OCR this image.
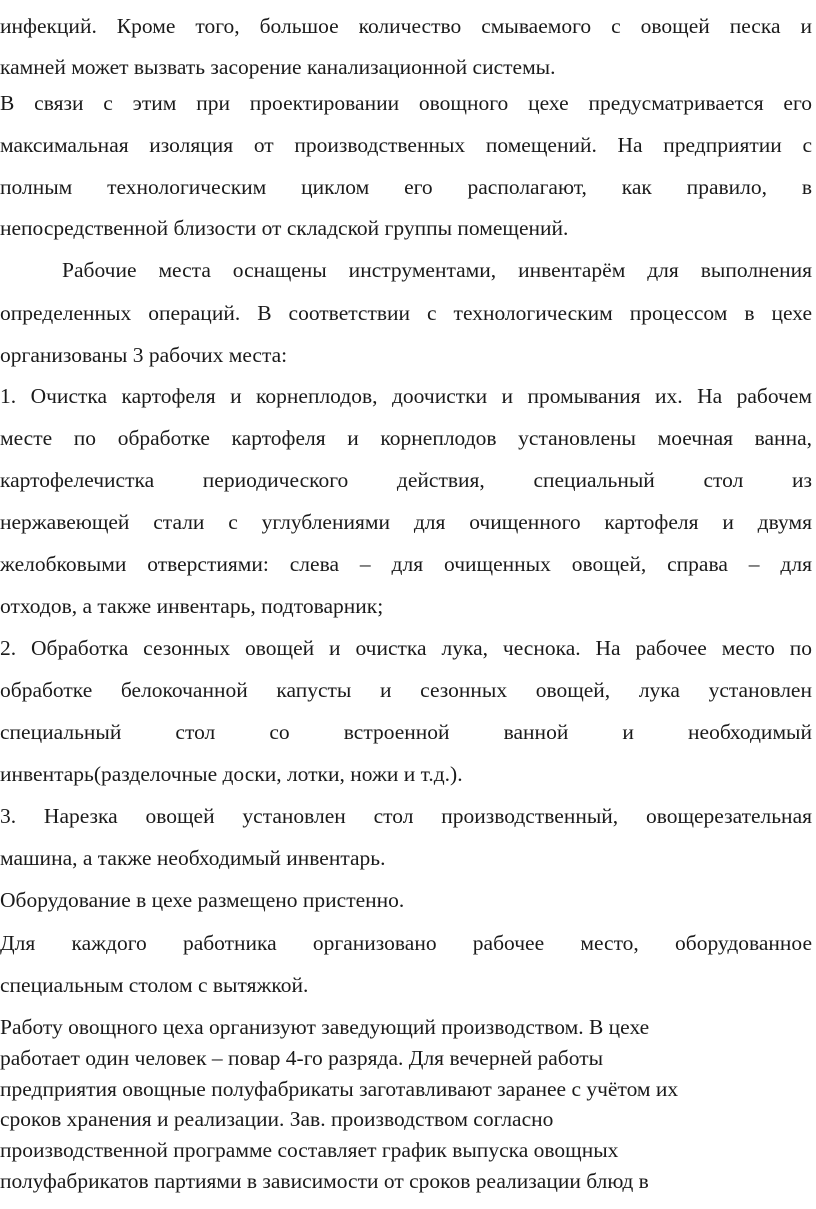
инфекций. Кроме того, большое количество смываемого с овощей песка и
камней может вызвать засорение канализационной системы.
В связи с этим при проектировании овощного цехе предусматривается его
максимальная изоляция от производственных помещений. На предприятии с
полным технологическим циклом его располагают, как правило, в
непосредственной близости от складской группы помещений.
Рабочие места оснащены инструментами, инвентарём для выполнения
определенных операций. В соответствии с технологическим процессом в цехе
организованы 3 рабочих места:
1. Очистка картофеля и корнеплодов, доочистки и промывания их. На рабочем
месте по обработке картофеля и корнеплодов установлены моечная ванна,
картофелечистка периодического действия, специальный стол из
нержавеющей стали с углублениями для очищенного картофеля и двумя
желобковыми отверстиями: слева – для очищенных овощей, справа – для
отходов, а также инвентарь, подтоварник;
2. Обработка сезонных овощей и очистка лука, чеснока. На рабочее место по
обработке белокочанной капусты и сезонных овощей, лука установлен
специальный стол со встроенной ванной и необходимый
инвентарь(разделочные доски, лотки, ножи и т.д.).
3. Нарезка овощей установлен стол производственный, овощерезательная
машина, а также необходимый инвентарь.
Оборудование в цехе размещено пристенно.
Для каждого работника организовано рабочее место, оборудованное
специальным столом с вытяжкой.
Работу овощного цеха организуют заведующий производством. В цехе
работает один человек – повар 4-го разряда. Для вечерней работы
предприятия овощные полуфабрикаты заготавливают заранее с учётом их
сроков хранения и реализации. Зав. производством согласно
производственной программе составляет график выпуска овощных
полуфабрикатов партиями в зависимости от сроков реализации блюд в
